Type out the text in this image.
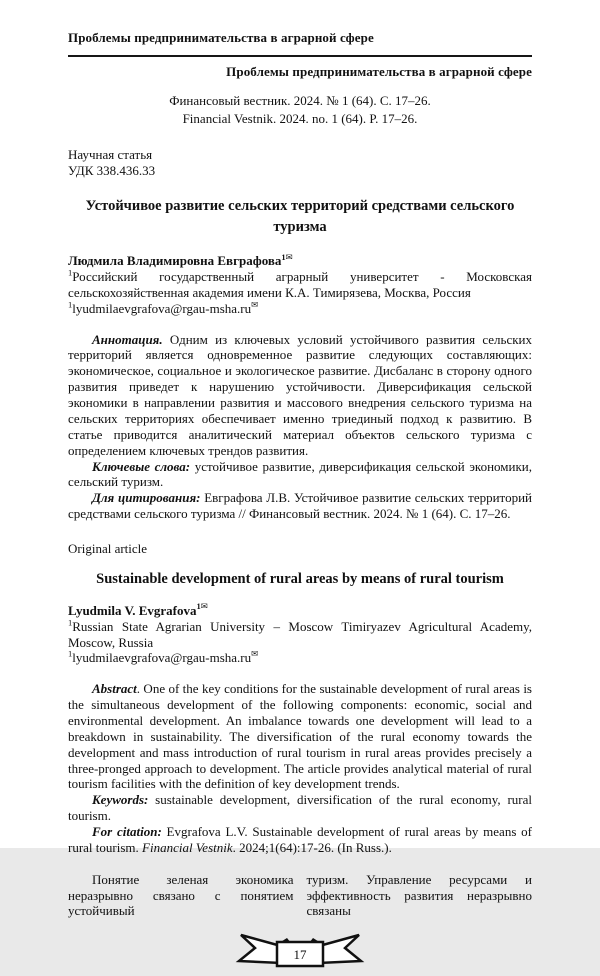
Проблемы предпринимательства в аграрной сфере
Проблемы предпринимательства в аграрной сфере
Финансовый вестник. 2024. № 1 (64). С. 17–26.
Financial Vestnik. 2024. no. 1 (64). P. 17–26.
Научная статья
УДК 338.436.33
Устойчивое развитие сельских территорий средствами сельского туризма
Людмила Владимировна Евграфова$^{1✉}$
$^1$Российский государственный аграрный университет - Московская сельскохозяйственная академия имени К.А. Тимирязева, Москва, Россия
$^1$lyudmilaevgrafova@rgau-msha.ru✉

Аннотация. Одним из ключевых условий устойчивого развития сельских территорий является одновременное развитие следующих составляющих: экономическое, социальное и экологическое развитие. Дисбаланс в сторону одного развития приведет к нарушению устойчивости. Диверсификация сельской экономики в направлении развития и массового внедрения сельского туризма на сельских территориях обеспечивает именно триединый подход к развитию. В статье приводится аналитический материал объектов сельского туризма с определением ключевых трендов развития.

Ключевые слова: устойчивое развитие, диверсификация сельской экономики, сельский туризм.

Для цитирования: Евграфова Л.В. Устойчивое развитие сельских территорий средствами сельского туризма // Финансовый вестник. 2024. № 1 (64). С. 17–26.

Original article
Sustainable development of rural areas by means of rural tourism
Lyudmila V. Evgrafova$^{1✉}$
$^1$Russian State Agrarian University – Moscow Timiryazev Agricultural Academy, Moscow, Russia
$^1$lyudmilaevgrafova@rgau-msha.ru✉

Abstract. One of the key conditions for the sustainable development of rural areas is the simultaneous development of the following components: economic, social and environmental development. An imbalance towards one development will lead to a breakdown in sustainability. The diversification of the rural economy towards the development and mass introduction of rural tourism in rural areas provides precisely a three-pronged approach to development. The article provides analytical material of rural tourism facilities with the definition of key development trends.

Keywords: sustainable development, diversification of the rural economy, rural tourism.

For citation: Evgrafova L.V. Sustainable development of rural areas by means of rural tourism. Financial Vestnik. 2024;1(64):17-26. (In Russ.).

Понятие зеленая экономика неразрывно связано с понятием устойчивый

туризм. Управление ресурсами и эффективность развития неразрывно связаны

17
